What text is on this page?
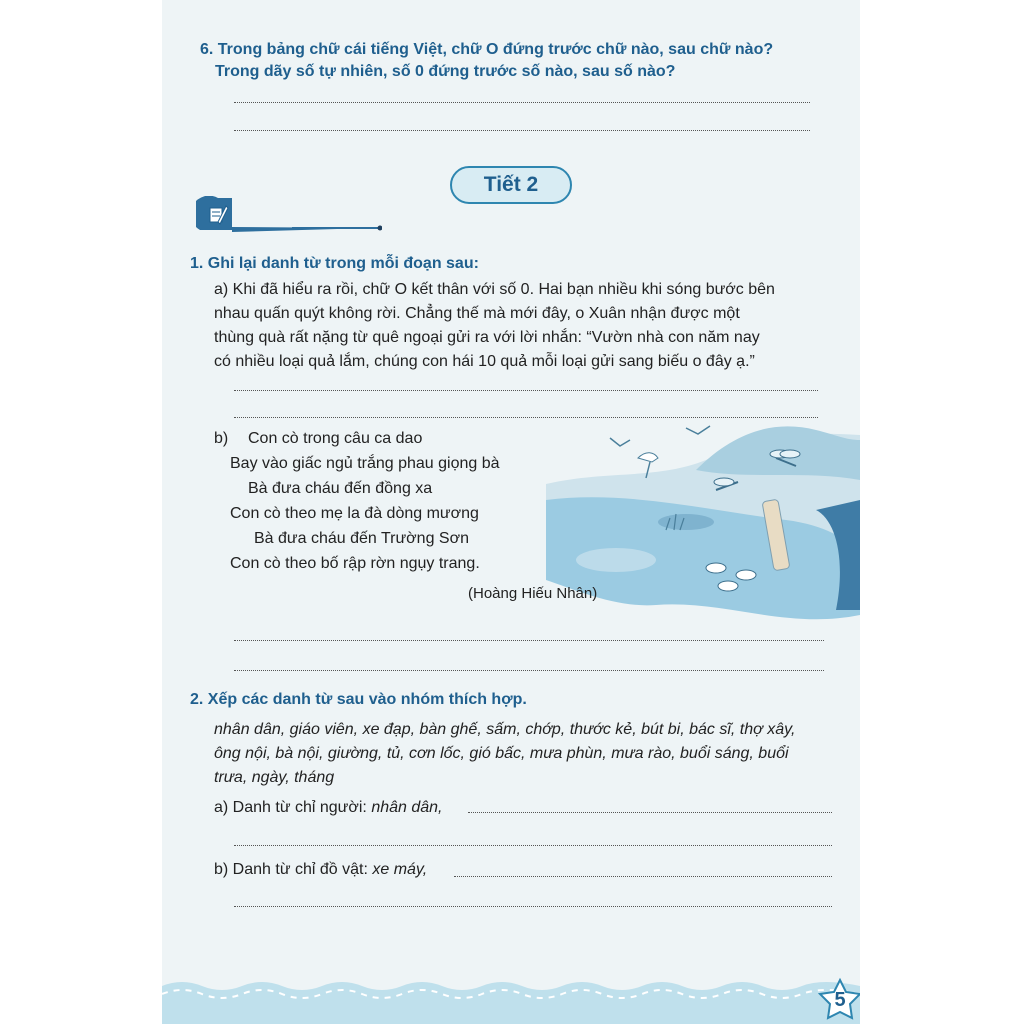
6. Trong bảng chữ cái tiếng Việt, chữ O đứng trước chữ nào, sau chữ nào?
Trong dãy số tự nhiên, số 0 đứng trước số nào, sau số nào?
Tiết 2
1. Ghi lại danh từ trong mỗi đoạn sau:
a) Khi đã hiểu ra rồi, chữ O kết thân với số 0. Hai bạn nhiều khi sóng bước bên
nhau quấn quýt không rời. Chẳng thế mà mới đây, o Xuân nhận được một
thùng quà rất nặng từ quê ngoại gửi ra với lời nhắn: “Vườn nhà con năm nay
có nhiều loại quả lắm, chúng con hái 10 quả mỗi loại gửi sang biếu o đây ạ.”
b) Con cò trong câu ca dao
Bay vào giấc ngủ trắng phau giọng bà
Bà đưa cháu đến đồng xa
Con cò theo mẹ la đà dòng mương
Bà đưa cháu đến Trường Sơn
Con cò theo bố rập rờn ngụy trang.
(Hoàng Hiếu Nhân)
2. Xếp các danh từ sau vào nhóm thích hợp.
nhân dân, giáo viên, xe đạp, bàn ghế, sấm, chớp, thước kẻ, bút bi, bác sĩ, thợ xây,
ông nội, bà nội, giường, tủ, cơn lốc, gió bấc, mưa phùn, mưa rào, buổi sáng, buổi
trưa, ngày, tháng
a) Danh từ chỉ người: nhân dân,
b) Danh từ chỉ đồ vật: xe máy,
5
